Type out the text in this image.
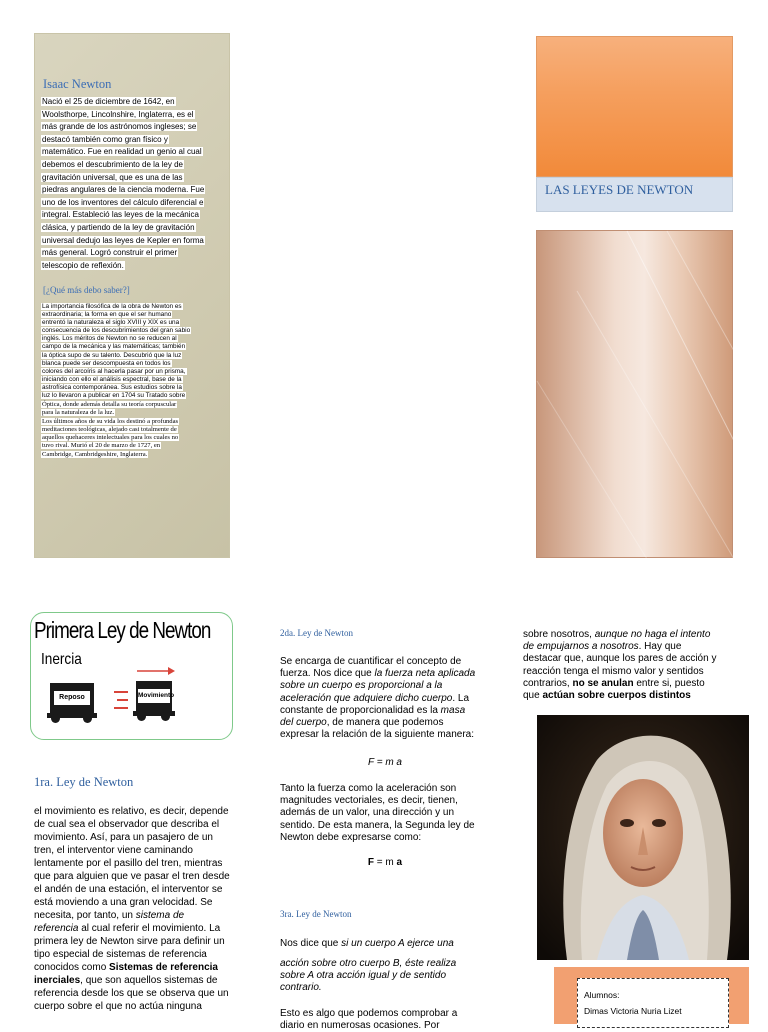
Isaac Newton
Nació el 25 de diciembre de 1642, en
Woolsthorpe, Lincolnshire, Inglaterra, es el
más grande de los astrónomos ingleses; se
destacó también como gran físico y
matemático. Fue en realidad un genio al cual
debemos el descubrimiento de la ley de
gravitación universal, que es una de las
piedras angulares de la ciencia moderna. Fue
uno de los inventores del cálculo diferencial e
integral. Estableció las leyes de la mecánica
clásica, y partiendo de la ley de gravitación
universal dedujo las leyes de Kepler en forma
más general. Logró construir el primer
telescopio de reflexión.
[¿Qué más debo saber?]
La importancia filosófica de la obra de Newton es
extraordinaria; la forma en que el ser humano
entrentó la naturaleza el siglo XVIII y XIX es una
consecuencia de los descubrimientos del gran sabio
inglés. Los méritos de Newton no se reducen al
campo de la mecánica y las matemáticas; también
la óptica supo de su talento. Descubrió que la luz
blanca puede ser descompuesta en todos los
colores del arcoíris al hacerla pasar por un prisma,
iniciando con ello el análisis espectral, base de la
astrofísica contemporánea. Sus estudios sobre la
luz lo llevaron a publicar en 1704 su Tratado sobre
Óptica, donde además detalla su teoría corpuscular
para la naturaleza de la luz.
Los últimos años de su vida los destinó a profundas
meditaciones teológicas, alejado casi totalmente de
aquellos quehaceres intelectuales para los cuales no
tuvo rival. Murió el 20 de marzo de 1727, en
Cambridge, Cambridgeshire, Inglaterra.
LAS LEYES DE NEWTON
Primera Ley de Newton
Inercia
Reposo	Movimiento
1ra. Ley de Newton
el movimiento es relativo, es decir, depende
de cual sea el observador que describa el
movimiento. Así, para un pasajero de un
tren, el interventor viene caminando
lentamente por el pasillo del tren, mientras
que para alguien que ve pasar el tren desde
el andén de una estación, el interventor se
está moviendo a una gran velocidad. Se
necesita, por tanto, un sistema de
referencia al cual referir el movimiento. La
primera ley de Newton sirve para definir un
tipo especial de sistemas de referencia
conocidos como Sistemas de referencia
inerciales, que son aquellos sistemas de
referencia desde los que se observa que un
cuerpo sobre el que no actúa ninguna
2da. Ley de Newton
Se encarga de cuantificar el concepto de
fuerza. Nos dice que la fuerza neta aplicada
sobre un cuerpo es proporcional a la
aceleración que adquiere dicho cuerpo. La
constante de proporcionalidad es la masa
del cuerpo, de manera que podemos
expresar la relación de la siguiente manera:
F = m a
Tanto la fuerza como la aceleración son
magnitudes vectoriales, es decir, tienen,
además de un valor, una dirección y un
sentido. De esta manera, la Segunda ley de
Newton debe expresarse como:
F = m a
3ra. Ley de Newton
Nos dice que si un cuerpo A ejerce una
acción sobre otro cuerpo B, éste realiza
sobre A otra acción igual y de sentido
contrario.
Esto es algo que podemos comprobar a
diario en numerosas ocasiones. Por
sobre nosotros, aunque no haga el intento
de empujarnos a nosotros. Hay que
destacar que, aunque los pares de acción y
reacción tenga el mismo valor y sentidos
contrarios, no se anulan entre si, puesto
que actúan sobre cuerpos distintos
Alumnos:
Dimas Victoria Nuria Lizet
